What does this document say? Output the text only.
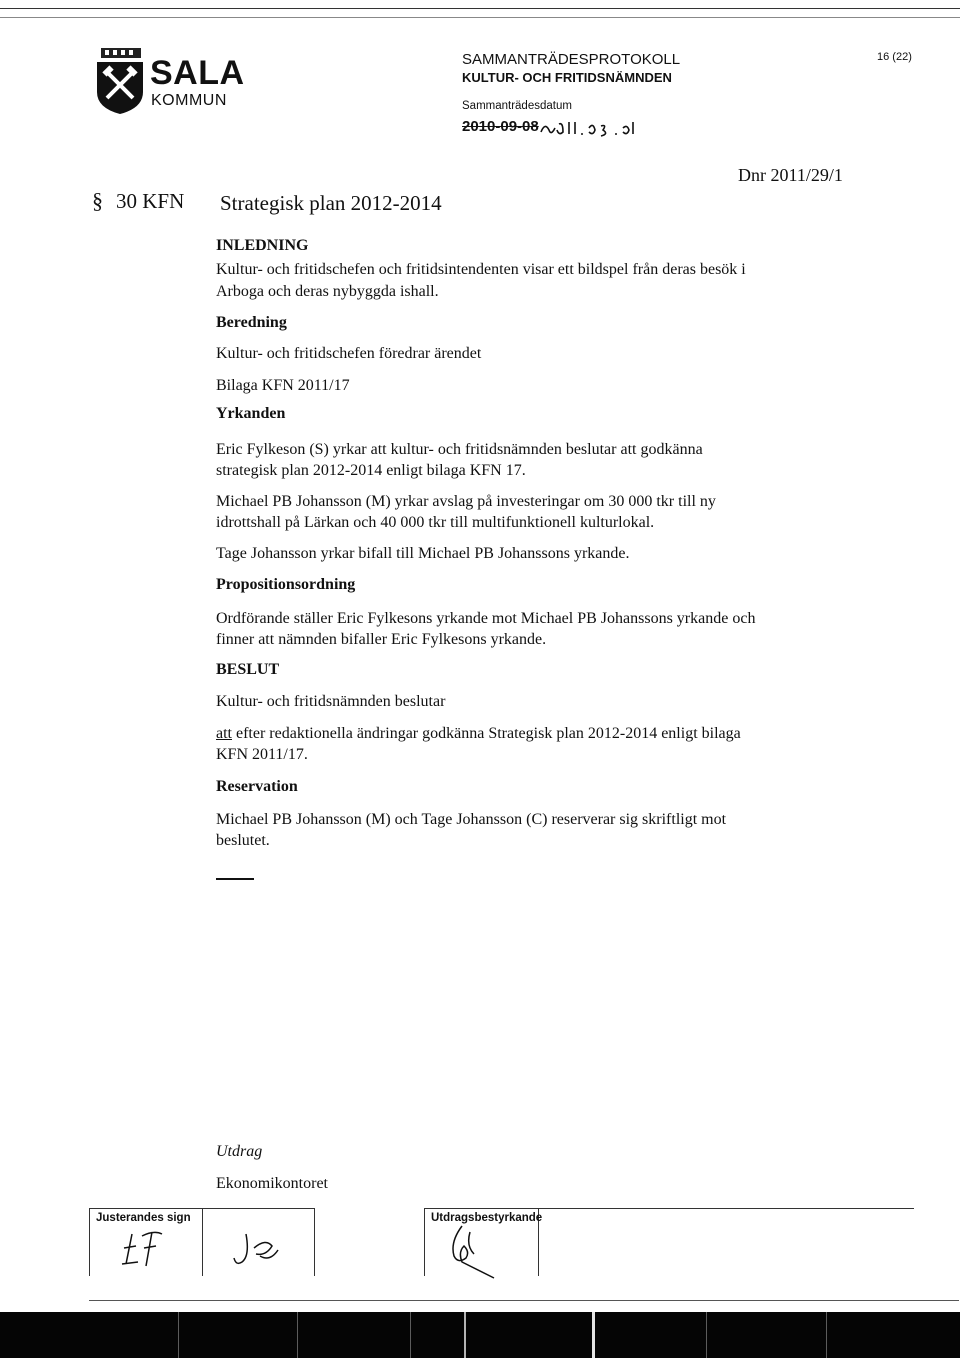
SALA
KOMMUN
SAMMANTRÄDESPROTOKOLL
KULTUR- OCH FRITIDSNÄMNDEN
Sammanträdesdatum
2010-09-08
16 (22)
Dnr 2011/29/1
§ 30 KFN Strategisk plan 2012-2014
INLEDNING
Kultur- och fritidschefen och fritidsintendenten visar ett bildspel från deras besök i
Arboga och deras nybyggda ishall.
Beredning
Kultur- och fritidschefen föredrar ärendet
Bilaga KFN 2011/17
Yrkanden
Eric Fylkeson (S) yrkar att kultur- och fritidsnämnden beslutar att godkänna
strategisk plan 2012-2014 enligt bilaga KFN 17.
Michael PB Johansson (M) yrkar avslag på investeringar om 30 000 tkr till ny
idrottshall på Lärkan och 40 000 tkr till multifunktionell kulturlokal.
Tage Johansson yrkar bifall till Michael PB Johanssons yrkande.
Propositionsordning
Ordförande ställer Eric Fylkesons yrkande mot Michael PB Johanssons yrkande och
finner att nämnden bifaller Eric Fylkesons yrkande.
BESLUT
Kultur- och fritidsnämnden beslutar
att efter redaktionella ändringar godkänna Strategisk plan 2012-2014 enligt bilaga
KFN 2011/17.
Reservation
Michael PB Johansson (M) och Tage Johansson (C) reserverar sig skriftligt mot
beslutet.
Utdrag
Ekonomikontoret
Justerandes sign	Utdragsbestyrkande
